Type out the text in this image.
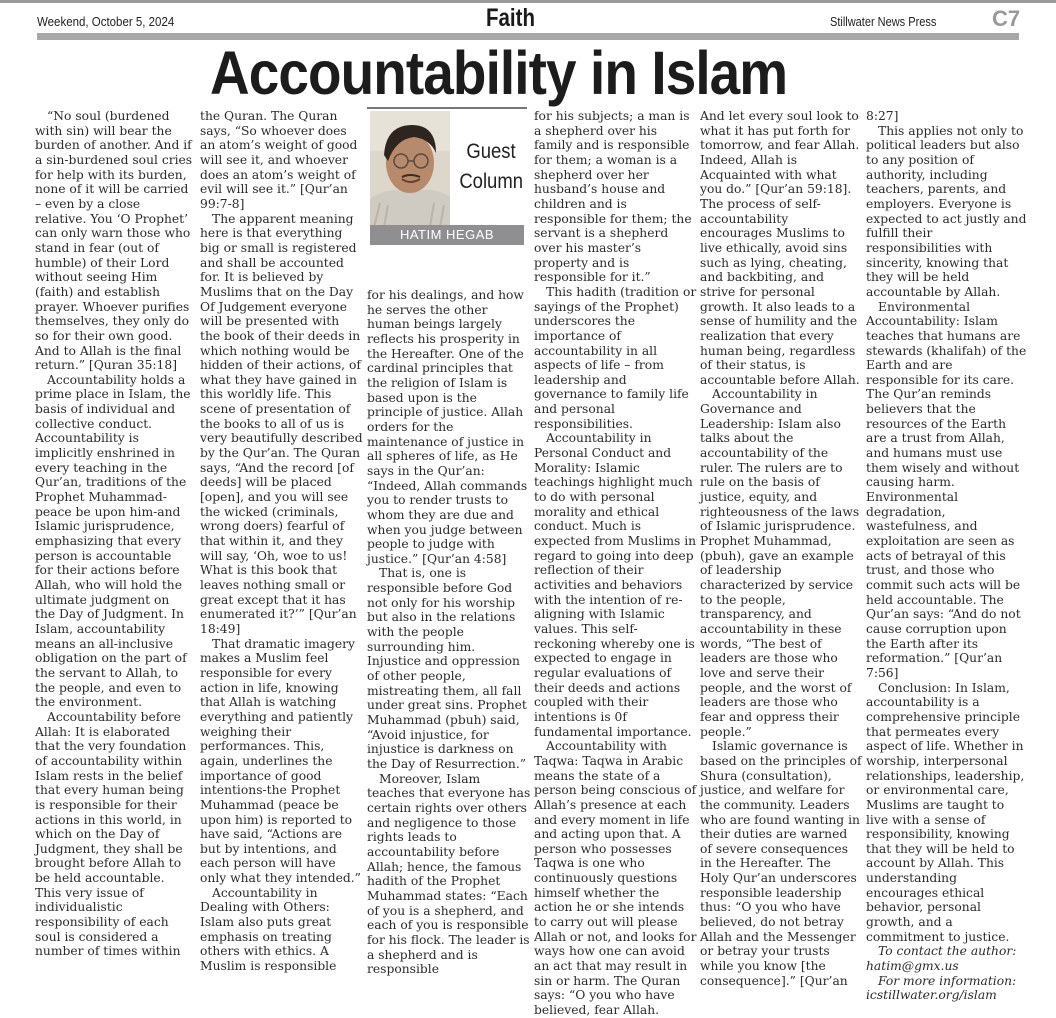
Weekend, October 5, 2024	Faith	Stillwater News Press	C7
Accountability in Islam
Guest
Column
HATIM HEGAB

“No soul (burdened with sin) will bear the burden of another. And if a sin-burdened soul cries for help with its burden, none of it will be carried – even by a close relative. You ‘O Prophet’ can only warn those who stand in fear (out of humble) of their Lord without seeing Him (faith) and establish prayer. Whoever purifies themselves, they only do so for their own good. And to Allah is the final return.” [Quran 35:18]

Accountability holds a prime place in Islam, the basis of individual and collective conduct. Accountability is implicitly enshrined in every teaching in the Qur’an, traditions of the Prophet Muhammad-peace be upon him-and Islamic jurisprudence, emphasizing that every person is accountable for their actions before Allah, who will hold the ultimate judgment on the Day of Judgment. In Islam, accountability means an all-inclusive obligation on the part of the servant to Allah, to the people, and even to the environment.

Accountability before Allah: It is elaborated that the very foundation of accountability within Islam rests in the belief that every human being is responsible for their actions in this world, in which on the Day of Judgment, they shall be brought before Allah to be held accountable. This very issue of individualistic responsibility of each soul is considered a number of times within

the Quran. The Quran says, “So whoever does an atom’s weight of good will see it, and whoever does an atom’s weight of evil will see it.” [Qur’an 99:7-8]

The apparent meaning here is that everything big or small is registered and shall be accounted for. It is believed by Muslims that on the Day Of Judgement everyone will be presented with the book of their deeds in which nothing would be hidden of their actions, of what they have gained in this worldly life. This scene of presentation of the books to all of us is very beautifully described by the Qur’an. The Quran says, “And the record [of deeds] will be placed [open], and you will see the wicked (criminals, wrong doers) fearful of that within it, and they will say, ‘Oh, woe to us! What is this book that leaves nothing small or great except that it has enumerated it?’” [Qur’an 18:49]

That dramatic imagery makes a Muslim feel responsible for every action in life, knowing that Allah is watching everything and patiently weighing their performances. This, again, underlines the importance of good intentions-the Prophet Muhammad (peace be upon him) is reported to have said, “Actions are but by intentions, and each person will have only what they intended.”

Accountability in Dealing with Others: Islam also puts great emphasis on treating others with ethics. A Muslim is responsible

for his dealings, and how he serves the other human beings largely reflects his prosperity in the Hereafter. One of the cardinal principles that the religion of Islam is based upon is the principle of justice. Allah orders for the maintenance of justice in all spheres of life, as He says in the Qur’an: “Indeed, Allah commands you to render trusts to whom they are due and when you judge between people to judge with justice.” [Qur’an 4:58]

That is, one is responsible before God not only for his worship but also in the relations with the people surrounding him. Injustice and oppression of other people, mistreating them, all fall under great sins. Prophet Muhammad (pbuh) said, “Avoid injustice, for injustice is darkness on the Day of Resurrection.”

Moreover, Islam teaches that everyone has certain rights over others and negligence to those rights leads to accountability before Allah; hence, the famous hadith of the Prophet Muhammad states: “Each of you is a shepherd, and each of you is responsible for his flock. The leader is a shepherd and is responsible

for his subjects; a man is a shepherd over his family and is responsible for them; a woman is a shepherd over her husband’s house and children and is responsible for them; the servant is a shepherd over his master’s property and is responsible for it.”

This hadith (tradition or sayings of the Prophet) underscores the importance of accountability in all aspects of life – from leadership and governance to family life and personal responsibilities.

Accountability in Personal Conduct and Morality: Islamic teachings highlight much to do with personal morality and ethical conduct. Much is expected from Muslims in regard to going into deep reflection of their activities and behaviors with the intention of re-aligning with Islamic values. This self-reckoning whereby one is expected to engage in regular evaluations of their deeds and actions coupled with their intentions is 0f fundamental importance.

Accountability with Taqwa: Taqwa in Arabic means the state of a person being conscious of Allah’s presence at each and every moment in life and acting upon that. A person who possesses Taqwa is one who continuously questions himself whether the action he or she intends to carry out will please Allah or not, and looks for ways how one can avoid an act that may result in sin or harm. The Quran says: “O you who have believed, fear Allah.

And let every soul look to what it has put forth for tomorrow, and fear Allah. Indeed, Allah is Acquainted with what you do.” [Qur’an 59:18]. The process of self-accountability encourages Muslims to live ethically, avoid sins such as lying, cheating, and backbiting, and strive for personal growth. It also leads to a sense of humility and the realization that every human being, regardless of their status, is accountable before Allah.

Accountability in Governance and Leadership: Islam also talks about the accountability of the ruler. The rulers are to rule on the basis of justice, equity, and righteousness of the laws of Islamic jurisprudence. Prophet Muhammad, (pbuh), gave an example of leadership characterized by service to the people, transparency, and accountability in these words, “The best of leaders are those who love and serve their people, and the worst of leaders are those who fear and oppress their people.”

Islamic governance is based on the principles of Shura (consultation), justice, and welfare for the community. Leaders who are found wanting in their duties are warned of severe consequences in the Hereafter. The Holy Qur’an underscores responsible leadership thus: “O you who have believed, do not betray Allah and the Messenger or betray your trusts while you know [the consequence].” [Qur’an

8:27]

This applies not only to political leaders but also to any position of authority, including teachers, parents, and employers. Everyone is expected to act justly and fulfill their responsibilities with sincerity, knowing that they will be held accountable by Allah.

Environmental Accountability: Islam teaches that humans are stewards (khalifah) of the Earth and are responsible for its care. The Qur’an reminds believers that the resources of the Earth are a trust from Allah, and humans must use them wisely and without causing harm. Environmental degradation, wastefulness, and exploitation are seen as acts of betrayal of this trust, and those who commit such acts will be held accountable. The Qur’an says: “And do not cause corruption upon the Earth after its reformation.” [Qur’an 7:56]

Conclusion: In Islam, accountability is a comprehensive principle that permeates every aspect of life. Whether in worship, interpersonal relationships, leadership, or environmental care, Muslims are taught to live with a sense of responsibility, knowing that they will be held to account by Allah. This understanding encourages ethical behavior, personal growth, and a commitment to justice.

To contact the author:

hatim@gmx.us

For more information:

icstillwater.org/islam
